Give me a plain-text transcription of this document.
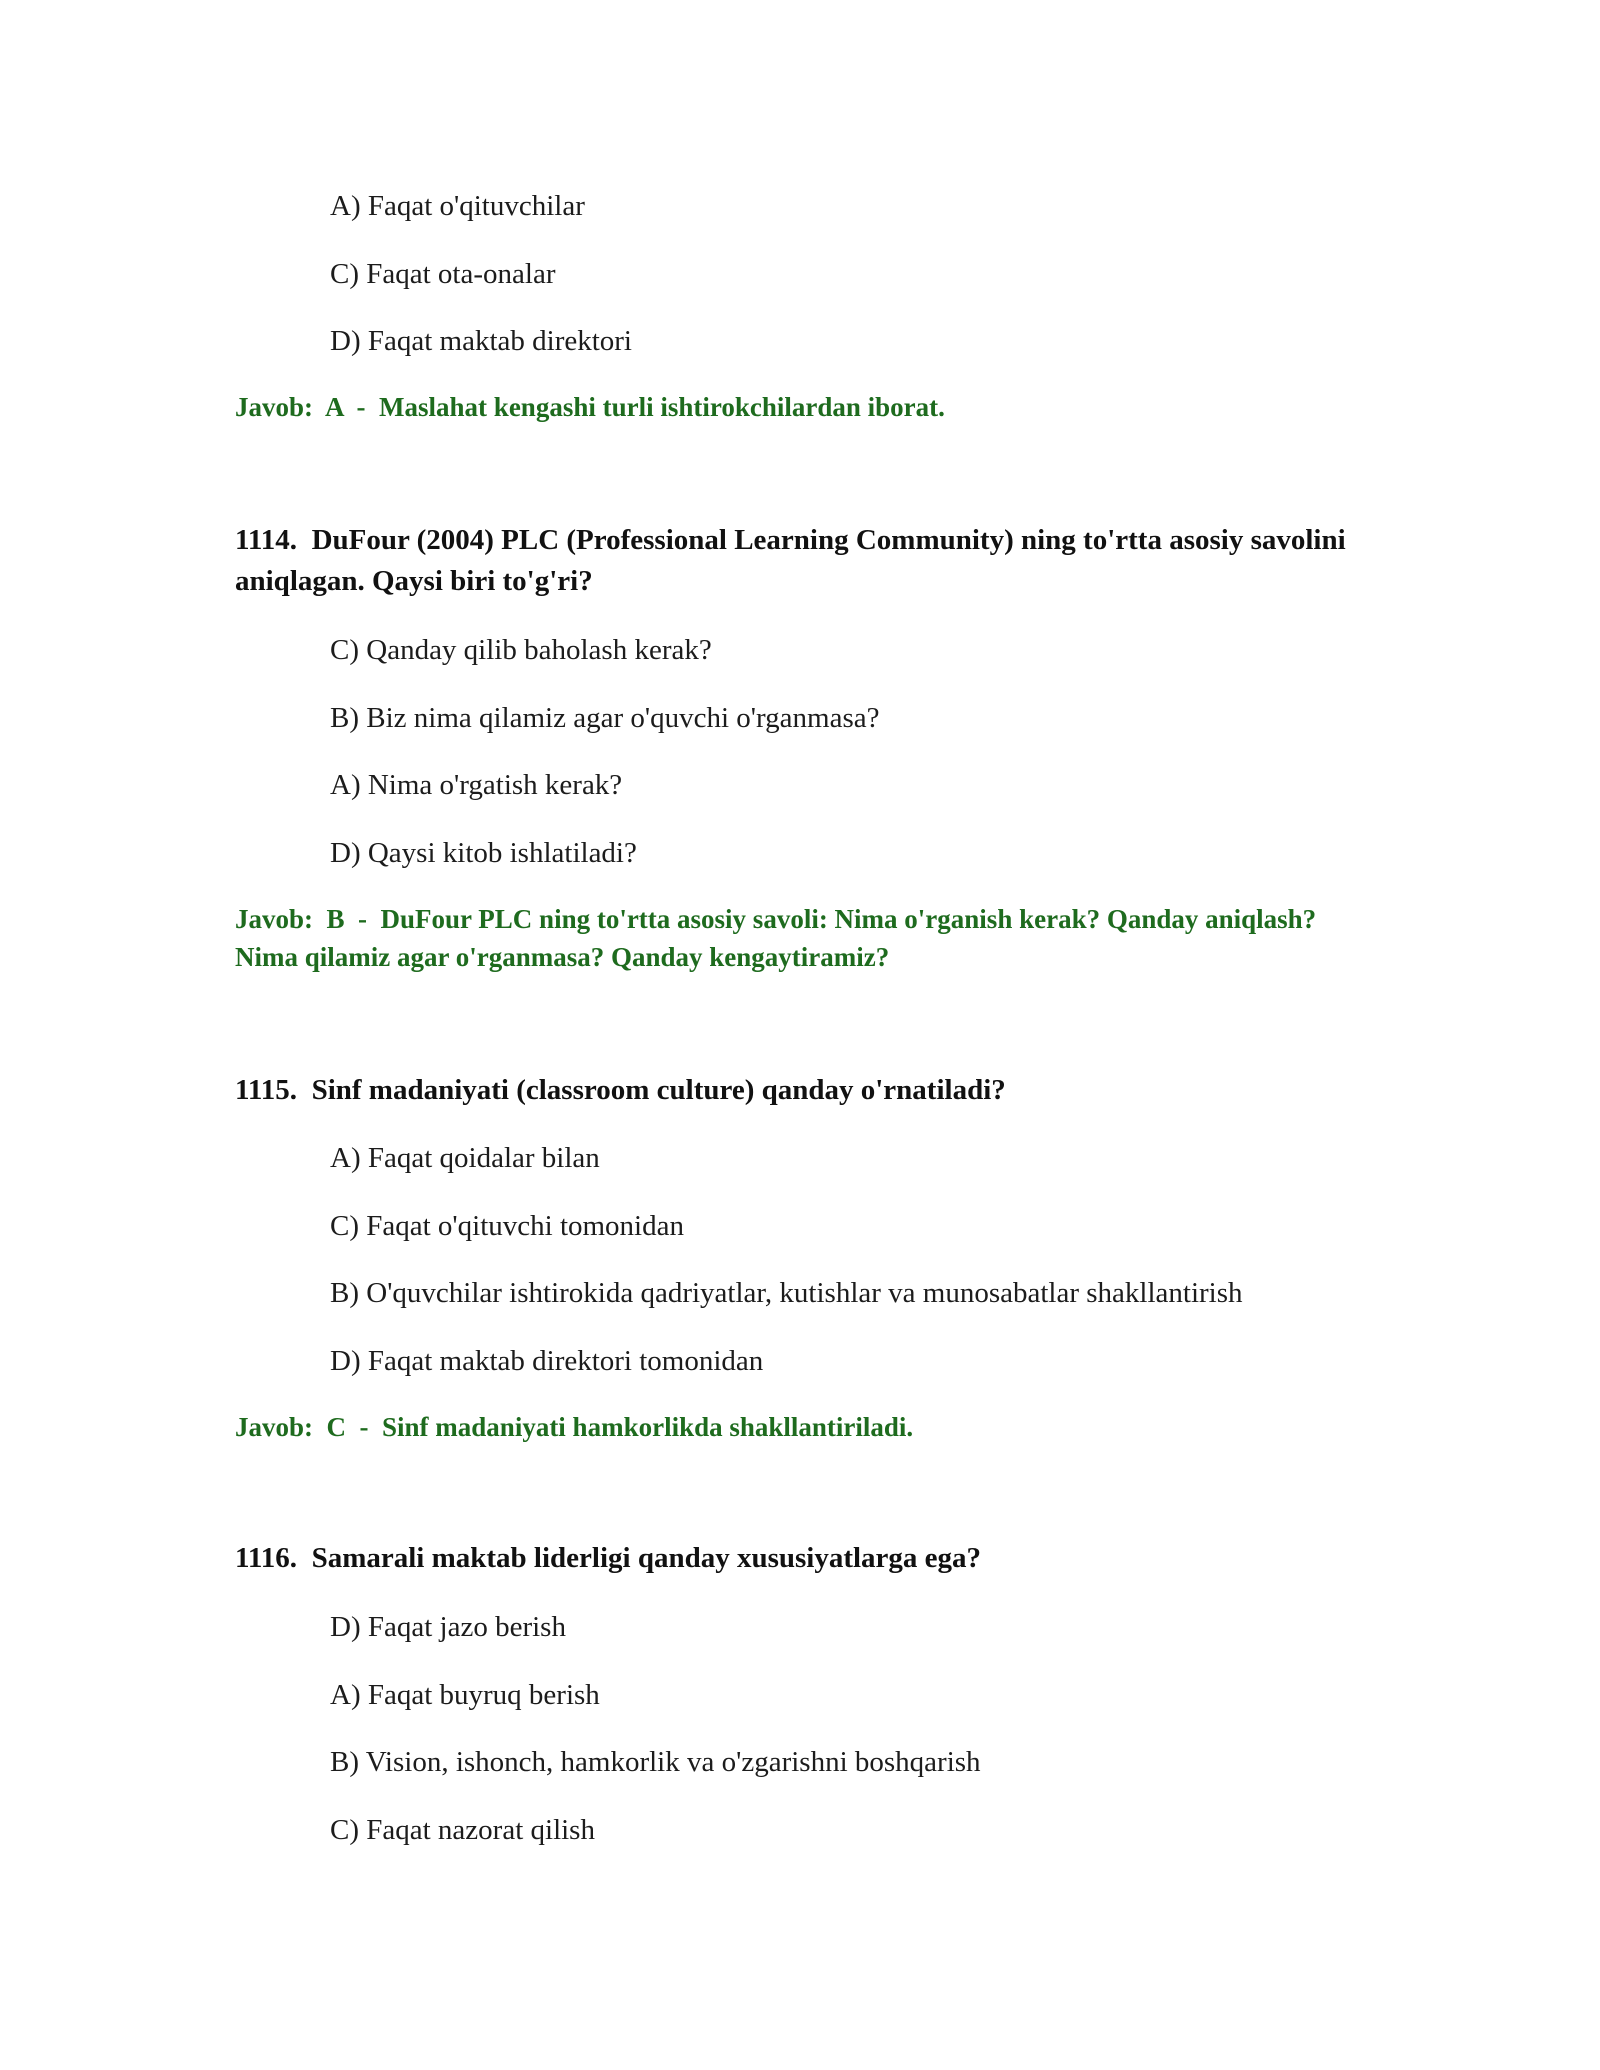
A) Faqat o'qituvchilar
C) Faqat ota-onalar
D) Faqat maktab direktori
Javob: A - Maslahat kengashi turli ishtirokchilardan iborat.
1114. DuFour (2004) PLC (Professional Learning Community) ning to'rtta asosiy savolini aniqlagan. Qaysi biri to'g'ri?
C) Qanday qilib baholash kerak?
B) Biz nima qilamiz agar o'quvchi o'rganmasa?
A) Nima o'rgatish kerak?
D) Qaysi kitob ishlatiladi?
Javob: B - DuFour PLC ning to'rtta asosiy savoli: Nima o'rganish kerak? Qanday aniqlash? Nima qilamiz agar o'rganmasa? Qanday kengaytiramiz?
1115. Sinf madaniyati (classroom culture) qanday o'rnatiladi?
A) Faqat qoidalar bilan
C) Faqat o'qituvchi tomonidan
B) O'quvchilar ishtirokida qadriyatlar, kutishlar va munosabatlar shakllantirish
D) Faqat maktab direktori tomonidan
Javob: C - Sinf madaniyati hamkorlikda shakllantiriladi.
1116. Samarali maktab liderligi qanday xususiyatlarga ega?
D) Faqat jazo berish
A) Faqat buyruq berish
B) Vision, ishonch, hamkorlik va o'zgarishni boshqarish
C) Faqat nazorat qilish
